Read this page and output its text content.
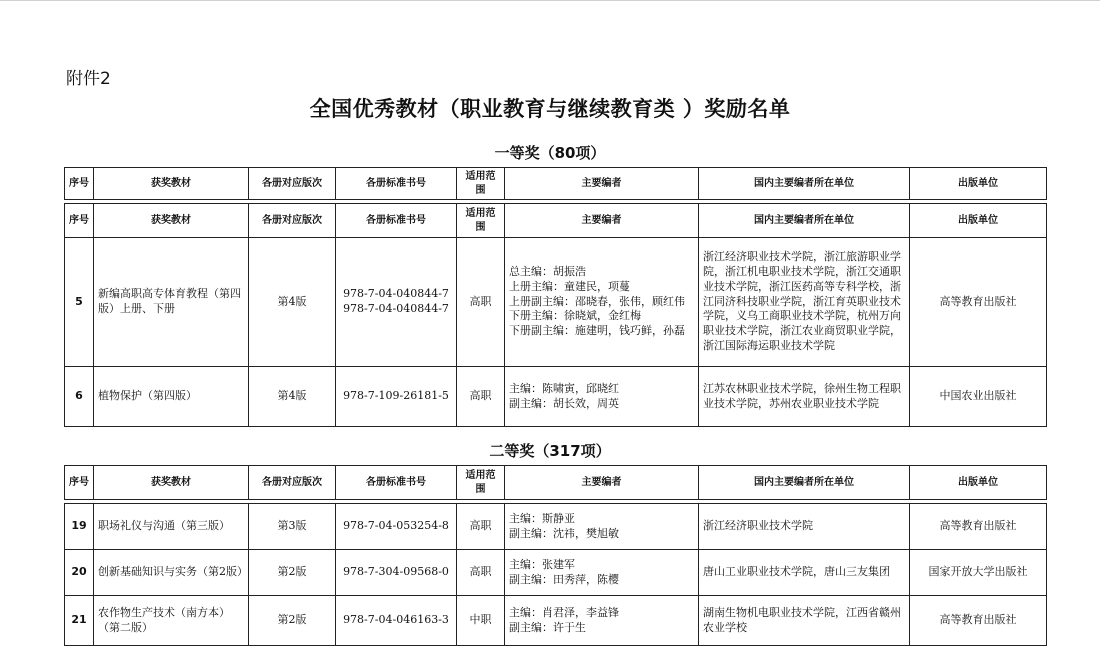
附件2
全国优秀教材（职业教育与继续教育类 ）奖励名单
一等奖（80项）
序号	获奖教材	各册对应版次	各册标准书号	适用范围	主要编者	国内主要编者所在单位	出版单位
序号	获奖教材	各册对应版次	各册标准书号	适用范围	主要编者	国内主要编者所在单位	出版单位
5	新编高职高专体育教程（第四版）上册、下册	第4版	978-7-04-040844-7
978-7-04-040844-7	高职	总主编：胡振浩
上册主编：童建民，项蔓
上册副主编：邵晓春，张伟，顾红伟
下册主编：徐晓斌，金红梅
下册副主编：施建明，钱巧鲜，孙磊	浙江经济职业技术学院，浙江旅游职业学院，浙江机电职业技术学院，浙江交通职业技术学院，浙江医药高等专科学校，浙江同济科技职业学院，浙江育英职业技术学院，义乌工商职业技术学院，杭州万向职业技术学院，浙江农业商贸职业学院，浙江国际海运职业技术学院	高等教育出版社
6	植物保护（第四版）	第4版	978-7-109-26181-5	高职	主编：陈啸寅，邱晓红
副主编：胡长效，周英	江苏农林职业技术学院，徐州生物工程职业技术学院，苏州农业职业技术学院	中国农业出版社
二等奖（317项）
序号	获奖教材	各册对应版次	各册标准书号	适用范围	主要编者	国内主要编者所在单位	出版单位
19	职场礼仪与沟通（第三版）	第3版	978-7-04-053254-8	高职	主编：斯静亚
副主编：沈祎，樊旭敏	浙江经济职业技术学院	高等教育出版社
20	创新基础知识与实务（第2版）	第2版	978-7-304-09568-0	高职	主编：张建军
副主编：田秀萍，陈樱	唐山工业职业技术学院，唐山三友集团	国家开放大学出版社
21	农作物生产技术（南方本）（第二版）	第2版	978-7-04-046163-3	中职	主编：肖君泽，李益锋
副主编：许于生	湖南生物机电职业技术学院，江西省赣州农业学校	高等教育出版社
